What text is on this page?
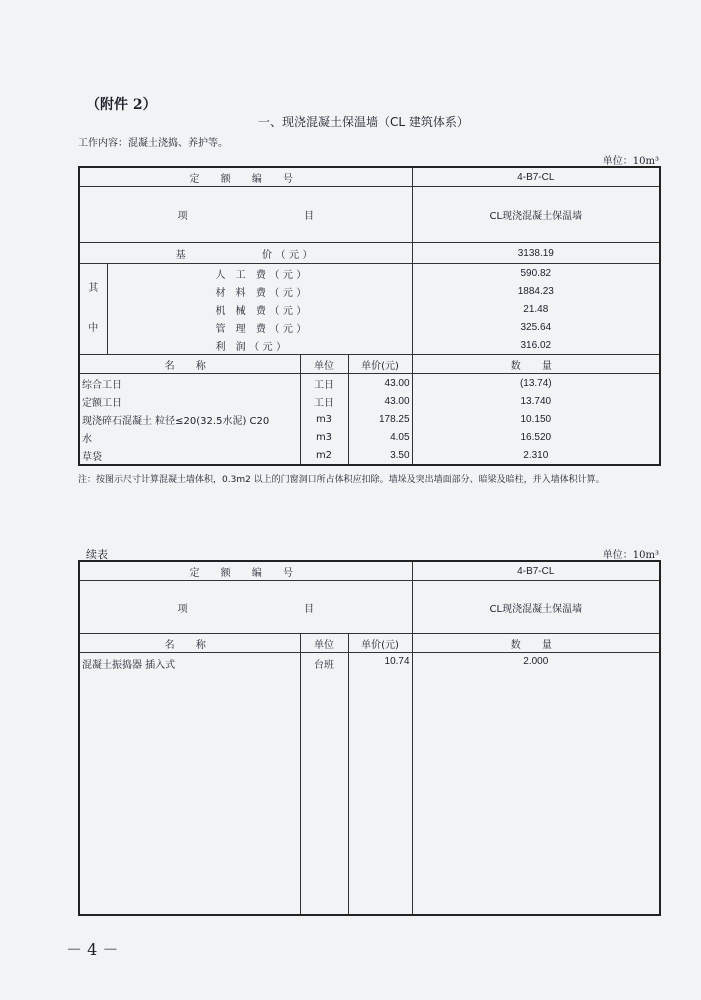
（附件 2）
一、现浇混凝土保温墙（CL 建筑体系）
工作内容：混凝土浇捣、养护等。
单位：10m³
定 额 编 号				4-B7-CL
项 目				CL现浇混凝土保温墙
基 价（元）				3138.19

其
中	人 工 费（元）			590.82
	材 料 费（元）			1884.23
	机 械 费（元）			21.48
	管 理 费（元）			325.64
	利 润（元）			316.02
名 称		单位	单价(元)	数 量
综合工日		工日	43.00	(13.74)
定额工日		工日	43.00	13.740
现浇碎石混凝土 粒径≤20(32.5水泥) C20		m3	178.25	10.150
水		m3	4.05	16.520
草袋		m2	3.50	2.310
注：按图示尺寸计算混凝土墙体积，0.3m2 以上的门窗洞口所占体积应扣除。墙垛及突出墙面部分、暗梁及暗柱，并入墙体积计算。
续表	单位：10m³
定 额 编 号			4-B7-CL
项 目			CL现浇混凝土保温墙
名 称	单位	单价(元)	数 量
混凝土振捣器 插入式	台班	10.74	2.000
－ 4 －
